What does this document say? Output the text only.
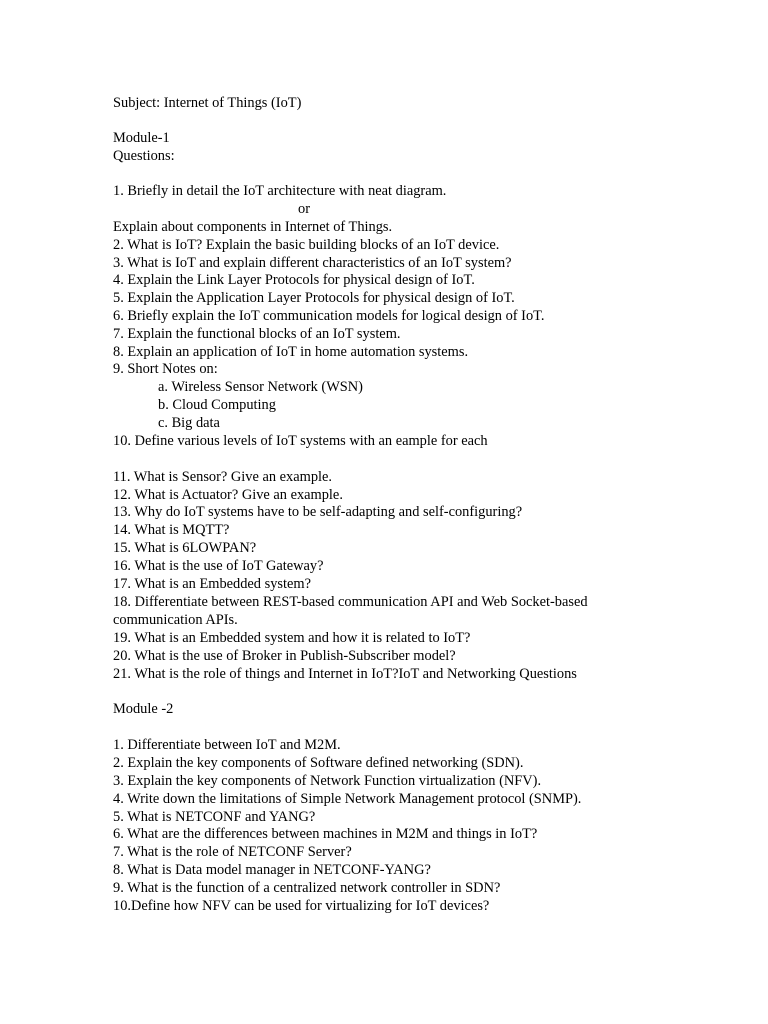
Subject: Internet of Things (IoT)
Module-1
Questions:
1. Briefly in detail the IoT architecture with neat diagram.
or
Explain about components in Internet of Things.
2. What is IoT? Explain the basic building blocks of an IoT device.
3. What is IoT and explain different characteristics of an IoT system?
4. Explain the Link Layer Protocols for physical design of IoT.
5. Explain the Application Layer Protocols for physical design of IoT.
6. Briefly explain the IoT communication models for logical design of IoT.
7. Explain the functional blocks of an IoT system.
8. Explain an application of IoT in home automation systems.
9. Short Notes on:
a. Wireless Sensor Network (WSN)
b. Cloud Computing
c. Big data
10. Define various levels of IoT systems with an eample for each
11. What is Sensor? Give an example.
12. What is Actuator? Give an example.
13. Why do IoT systems have to be self-adapting and self-configuring?
14. What is MQTT?
15. What is 6LOWPAN?
16. What is the use of IoT Gateway?
17. What is an Embedded system?
18. Differentiate between REST-based communication API and Web Socket-based
communication APIs.
19. What is an Embedded system and how it is related to IoT?
20. What is the use of Broker in Publish-Subscriber model?
21. What is the role of things and Internet in IoT?IoT and Networking Questions
Module -2
1. Differentiate between IoT and M2M.
2. Explain the key components of Software defined networking (SDN).
3. Explain the key components of Network Function virtualization (NFV).
4. Write down the limitations of Simple Network Management protocol (SNMP).
5. What is NETCONF and YANG?
6. What are the differences between machines in M2M and things in IoT?
7. What is the role of NETCONF Server?
8. What is Data model manager in NETCONF-YANG?
9. What is the function of a centralized network controller in SDN?
10.Define how NFV can be used for virtualizing for IoT devices?
